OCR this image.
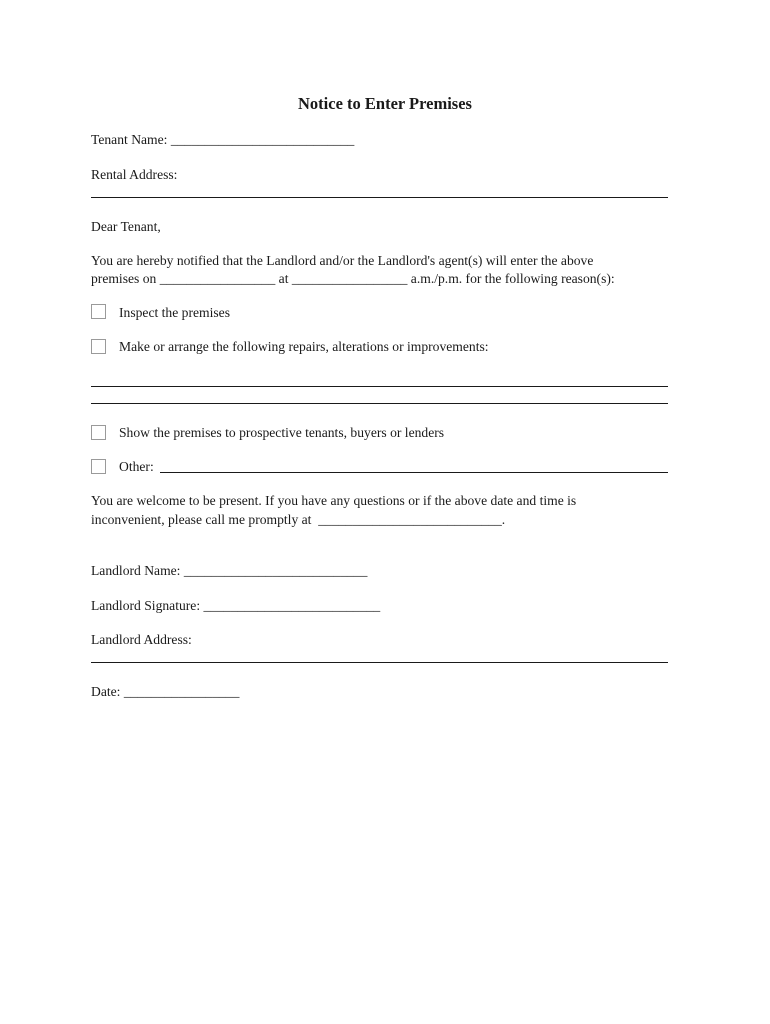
Notice to Enter Premises
Tenant Name: ___________________________
Rental Address:
Dear Tenant,
You are hereby notified that the Landlord and/or the Landlord's agent(s) will enter the above
premises on _________________ at _________________ a.m./p.m. for the following reason(s):
Inspect the premises
Make or arrange the following repairs, alterations or improvements:
Show the premises to prospective tenants, buyers or lenders
Other:
You are welcome to be present. If you have any questions or if the above date and time is
inconvenient, please call me promptly at  ___________________________.
Landlord Name: ___________________________
Landlord Signature: __________________________
Landlord Address:
Date: _________________
